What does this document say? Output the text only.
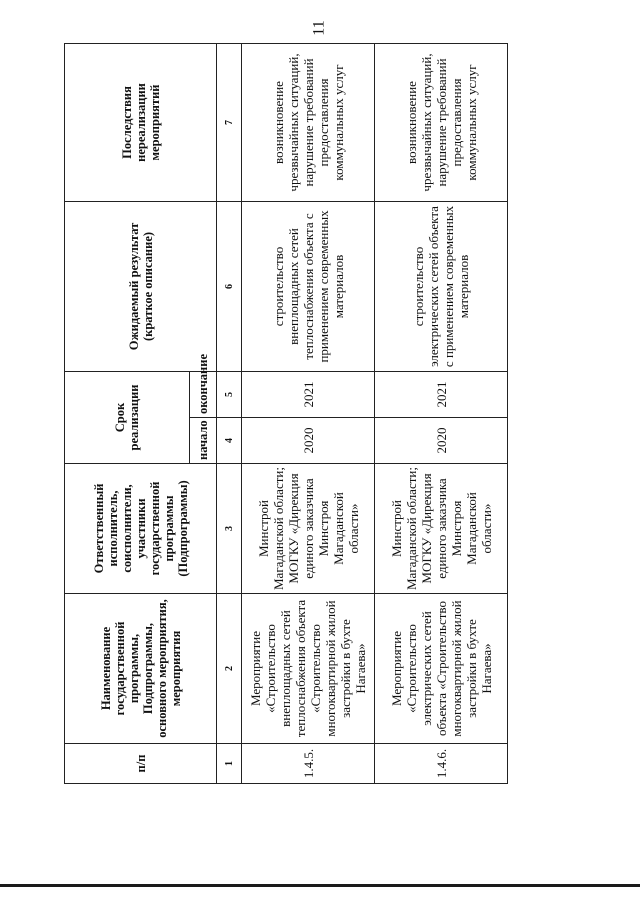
11
п/п	Наименование государственной программы, Подпрограммы, основного мероприятия, мероприятия	Ответственный исполнитель, соисполнители, участники государственной программы (Подпрограммы)	Срок реализации		Ожидаемый результат (краткое описание)	Последствия нереализации мероприятий
			начало	окончание		
1	2	3	4	5	6	7
1.4.5.	Мероприятие «Строительство внеплощадных сетей теплоснабжения объекта «Строительство многоквартирной жилой застройки в бухте Нагаева»	Минстрой Магаданской области; МОГКУ «Дирекция единого заказчика Минстроя Магаданской области»	2020	2021	строительство внеплощадных сетей теплоснабжения объекта с применением современных материалов	возникновение чрезвычайных ситуаций, нарушение требований предоставления коммунальных услуг
1.4.6.	Мероприятие «Строительство электрических сетей объекта «Строительство многоквартирной жилой застройки в бухте Нагаева»	Минстрой Магаданской области; МОГКУ «Дирекция единого заказчика Минстроя Магаданской области»	2020	2021	строительство электрических сетей объекта с применением современных материалов	возникновение чрезвычайных ситуаций, нарушение требований предоставления коммунальных услуг
